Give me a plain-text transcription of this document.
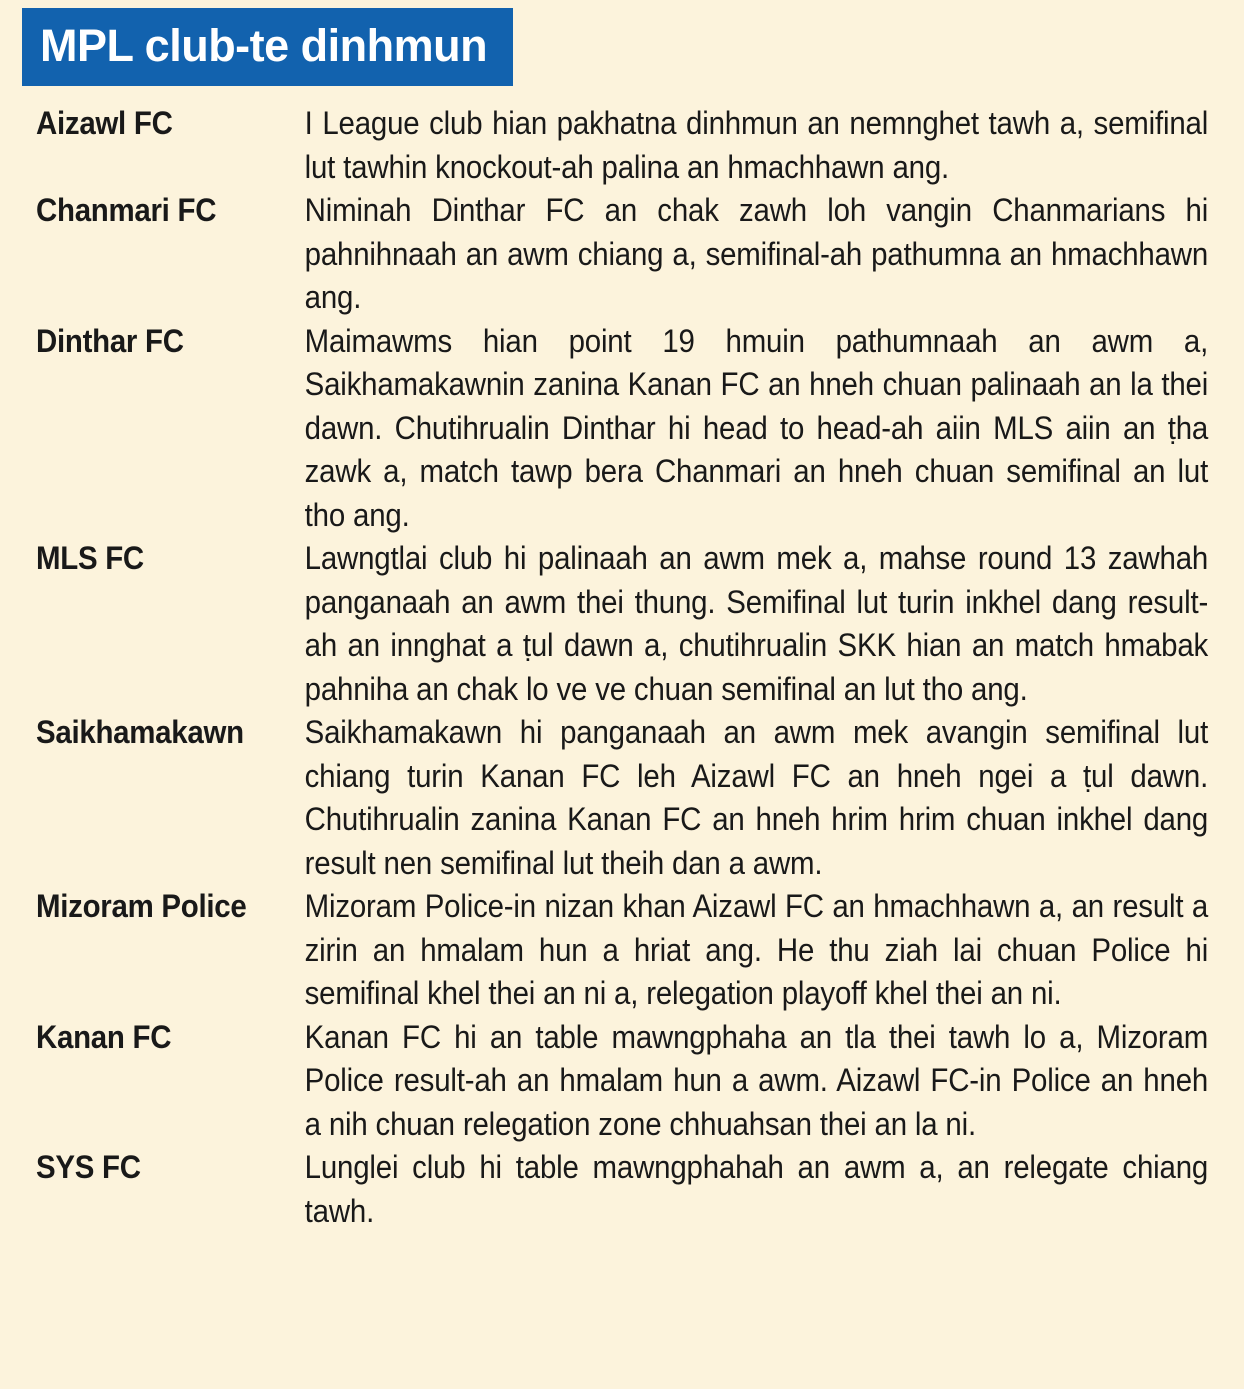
MPL club-te dinhmun
Aizawl FC	I League club hian pakhatna dinhmun an nemnghet tawh a, semifinal lut tawhin knockout-ah palina an hmachhawn ang.
Chanmari FC	Niminah Dinthar FC an chak zawh loh vangin Chanmarians hi pahnihnaah an awm chiang a, semifinal-ah pathumna an hmachhawn ang.
Dinthar FC	Maimawms hian point 19 hmuin pathumnaah an awm a, Saikhamakawnin zanina Kanan FC an hneh chuan palinaah an la thei dawn. Chutihrualin Dinthar hi head to head-ah aiin MLS aiin an ṭha zawk a, match tawp bera Chanmari an hneh chuan semifinal an lut tho ang.
MLS FC	Lawngtlai club hi palinaah an awm mek a, mahse round 13 zawhah panganaah an awm thei thung. Semifinal lut turin inkhel dang result-ah an innghat a ṭul dawn a, chutihrualin SKK hian an match hmabak pahniha an chak lo ve ve chuan semifinal an lut tho ang.
Saikhamakawn	Saikhamakawn hi panganaah an awm mek avangin semifinal lut chiang turin Kanan FC leh Aizawl FC an hneh ngei a ṭul dawn. Chutihrualin zanina Kanan FC an hneh hrim hrim chuan inkhel dang result nen semifinal lut theih dan a awm.
Mizoram Police	Mizoram Police-in nizan khan Aizawl FC an hmachhawn a, an result a zirin an hmalam hun a hriat ang. He thu ziah lai chuan Police hi semifinal khel thei an ni a, relegation playoff khel thei an ni.
Kanan FC	Kanan FC hi an table mawngphaha an tla thei tawh lo a, Mizoram Police result-ah an hmalam hun a awm. Aizawl FC-in Police an hneh a nih chuan relegation zone chhuahsan thei an la ni.
SYS FC	Lunglei club hi table mawngphahah an awm a, an relegate chiang tawh.
